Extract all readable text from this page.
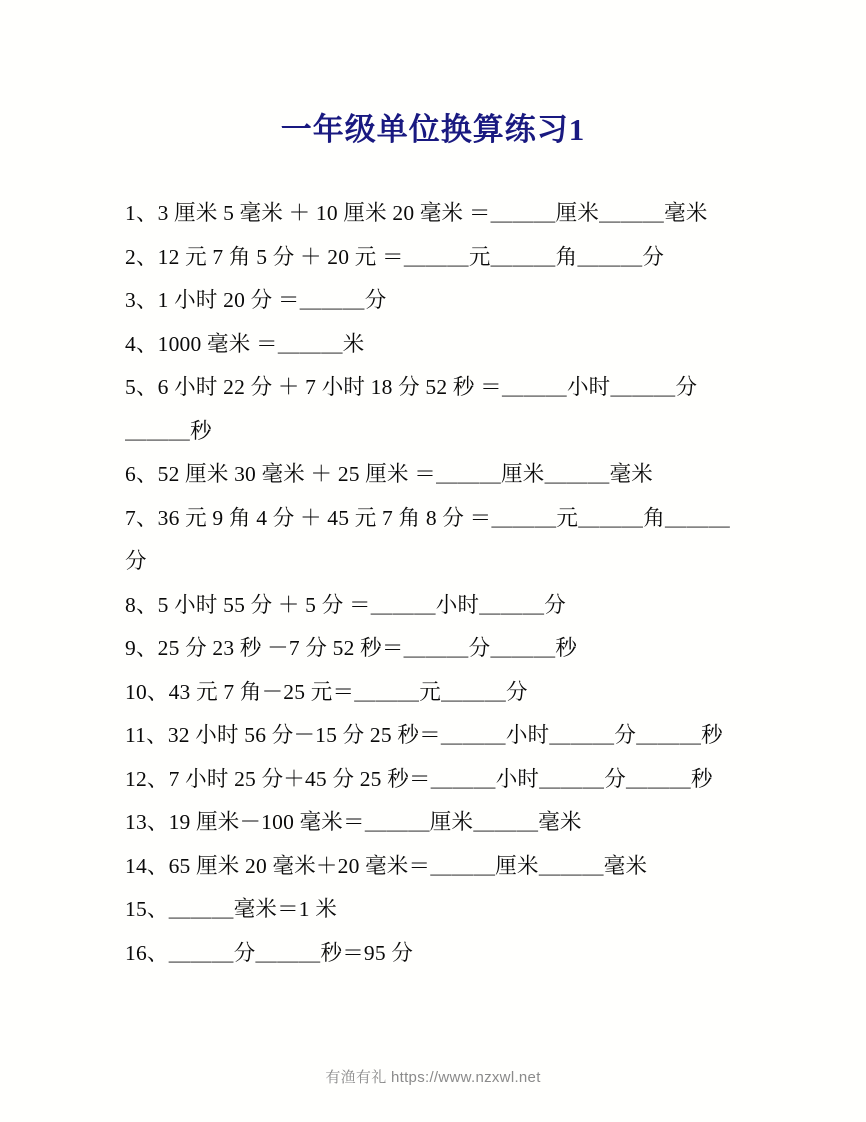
一年级单位换算练习1
1、3 厘米 5 毫米 ＋ 10 厘米 20 毫米 ＝＿＿＿厘米＿＿＿毫米
2、12 元 7 角 5 分 ＋ 20 元 ＝＿＿＿元＿＿＿角＿＿＿分
3、1 小时 20 分 ＝＿＿＿分
4、1000 毫米 ＝＿＿＿米
5、6 小时 22 分 ＋ 7 小时 18 分 52 秒 ＝＿＿＿小时＿＿＿分
＿＿＿秒
6、52 厘米 30 毫米 ＋ 25 厘米 ＝＿＿＿厘米＿＿＿毫米
7、36 元 9 角 4 分 ＋ 45 元 7 角 8 分 ＝＿＿＿元＿＿＿角＿＿＿
分
8、5 小时 55 分 ＋ 5 分 ＝＿＿＿小时＿＿＿分
9、25 分 23 秒 －7 分 52 秒＝＿＿＿分＿＿＿秒
10、43 元 7 角－25 元＝＿＿＿元＿＿＿分
11、32 小时 56 分－15 分 25 秒＝＿＿＿小时＿＿＿分＿＿＿秒
12、7 小时 25 分＋45 分 25 秒＝＿＿＿小时＿＿＿分＿＿＿秒
13、19 厘米－100 毫米＝＿＿＿厘米＿＿＿毫米
14、65 厘米 20 毫米＋20 毫米＝＿＿＿厘米＿＿＿毫米
15、＿＿＿毫米＝1 米
16、＿＿＿分＿＿＿秒＝95 分
有渔有礼 https://www.nzxwl.net
